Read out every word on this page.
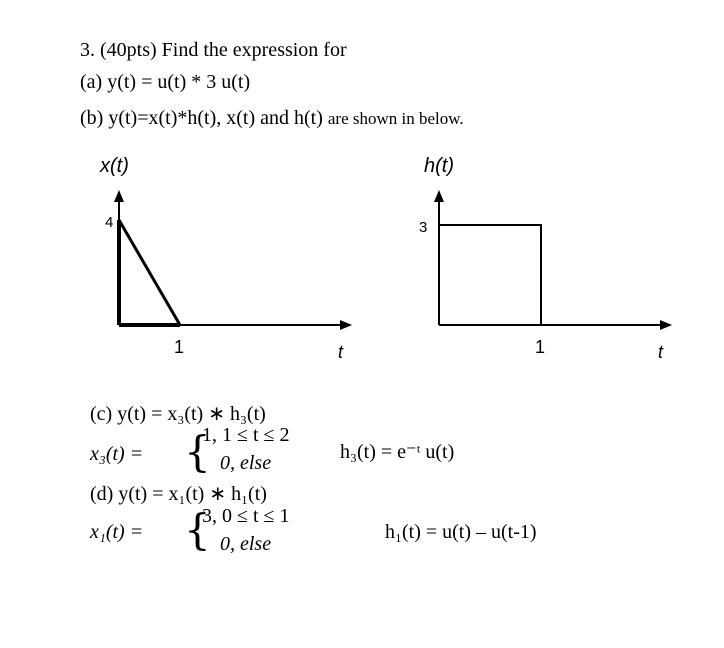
3. (40pts) Find the expression for
(a) y(t) = u(t) * 3 u(t)
(b) y(t)=x(t)*h(t), x(t) and h(t) are shown in below.
x(t)
4
1	t
h(t)
3
1	t
(c) y(t) = x₃(t) ∗ h₃(t)
x₃(t) = {
1, 1 ≤ t ≤ 2
0, else	h₃(t) = e⁻ᵗ u(t)
(d) y(t) = x₁(t) ∗ h₁(t)
x₁(t) = {
3, 0 ≤ t ≤ 1
0, else
h₁(t) = u(t) – u(t-1)
